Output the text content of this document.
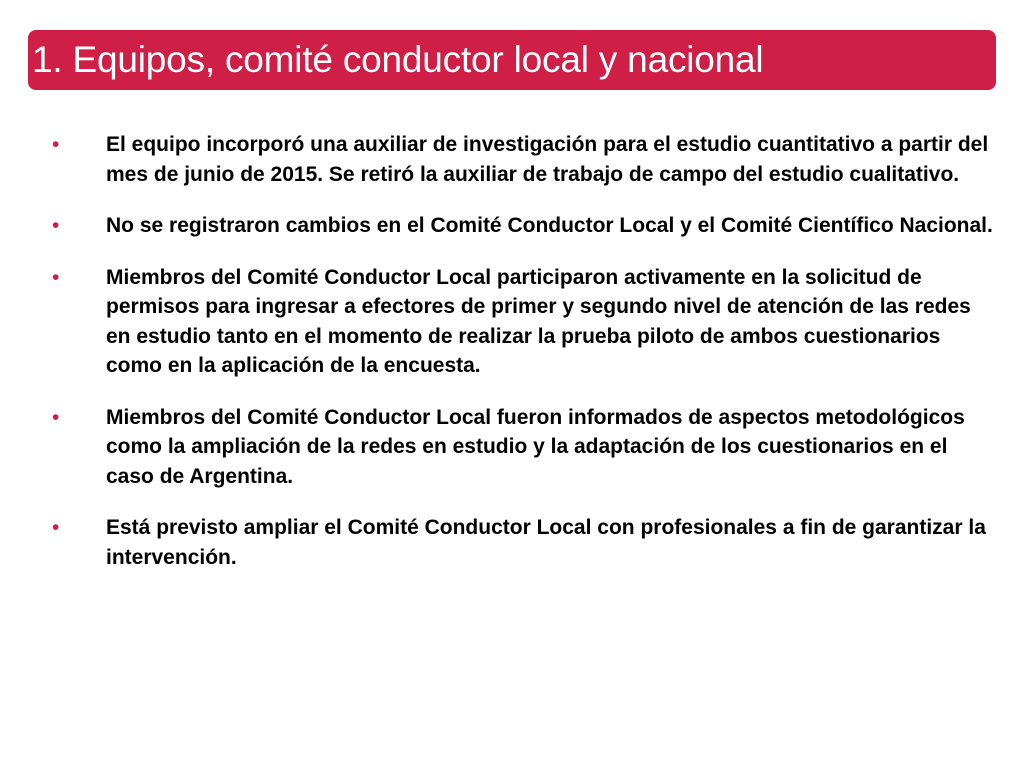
1. Equipos, comité conductor local y nacional
•	El equipo incorporó una auxiliar de investigación para el estudio cuantitativo a partir del mes de junio de 2015. Se retiró la auxiliar de trabajo de campo del estudio cualitativo.
•	No se registraron cambios en el Comité Conductor Local y el Comité Científico Nacional.
•	Miembros del Comité Conductor Local participaron activamente en la solicitud de permisos para ingresar a efectores de primer y segundo nivel de atención de las redes en estudio tanto en el momento de realizar la prueba piloto de ambos cuestionarios como en la aplicación de la encuesta.
•	Miembros del Comité Conductor Local fueron informados de aspectos metodológicos como la ampliación de la redes en estudio y la adaptación de los cuestionarios en el caso de Argentina.
•	Está previsto ampliar el Comité Conductor Local con profesionales a fin de garantizar la intervención.
